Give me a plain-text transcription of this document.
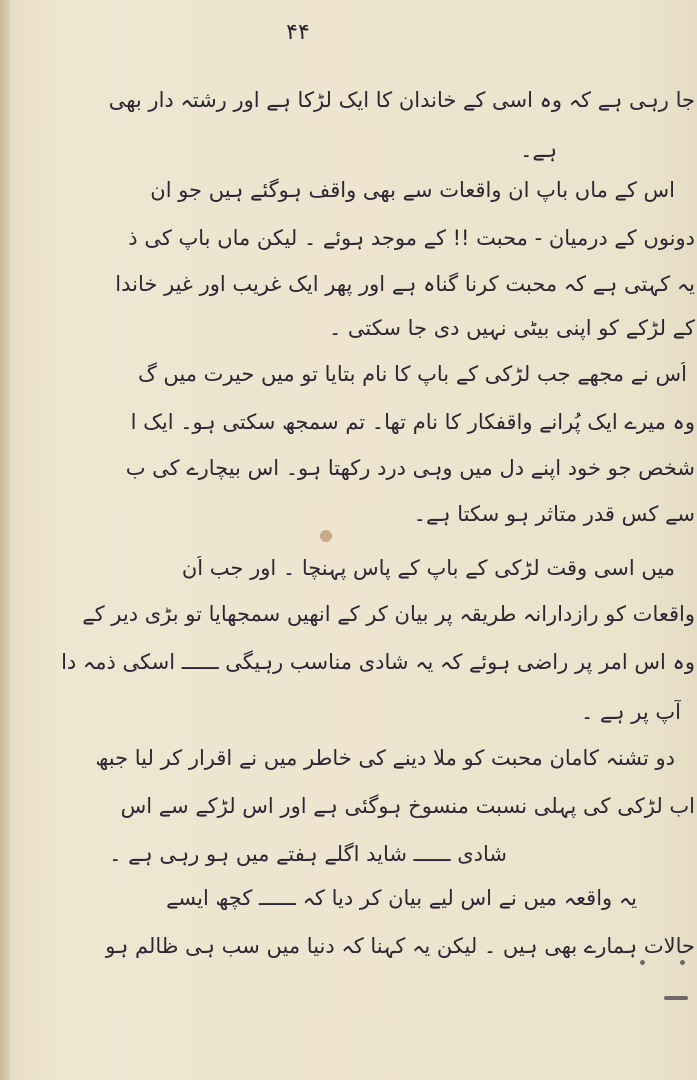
۴۴
جا رہی ہے کہ وہ اسی کے خاندان کا ایک لڑکا ہے اور رشتہ دار بھی
ہے۔
اس کے ماں باپ ان واقعات سے بھی واقف ہوگئے ہیں جو ان
دونوں کے درمیان - محبت !! کے موجد ہوئے ۔ لیکن ماں باپ کی ذ
یہ کہتی ہے کہ محبت کرنا گناہ ہے اور پھر ایک غریب اور غیر خاندا
کے لڑکے کو اپنی بیٹی نہیں دی جا سکتی ۔
اُس نے مجھے جب لڑکی کے باپ کا نام بتایا تو میں حیرت میں گ
وہ میرے ایک پُرانے واقفکار کا نام تھا۔ تم سمجھ سکتی ہو۔ ایک ا
شخص جو خود اپنے دل میں وہی درد رکھتا ہو۔ اس بیچارے کی ب
سے کس قدر متاثر ہو سکتا ہے۔
میں اسی وقت لڑکی کے باپ کے پاس پہنچا ۔ اور جب اُن
واقعات کو رازدارانہ طریقہ پر بیان کر کے انھیں سمجھایا تو بڑی دیر کے
وہ اس امر پر راضی ہوئے کہ یہ شادی مناسب رہیگی ــــــ اسکی ذمہ دا
آپ پر ہے ۔
دو تشنہ کامانِ محبت کو ملا دینے کی خاطر میں نے اقرار کر لیا جبھ
اب لڑکی کی پہلی نسبت منسوخ ہوگئی ہے اور اس لڑکے سے اس
شادی ــــــ شاید اگلے ہفتے میں ہو رہی ہے ۔
یہ واقعہ میں نے اس لیے بیان کر دیا کہ ــــــ کچھ ایسے
حالات ہمارے بھی ہیں ۔ لیکن یہ کہنا کہ دنیا میں سب ہی ظالم ہو
